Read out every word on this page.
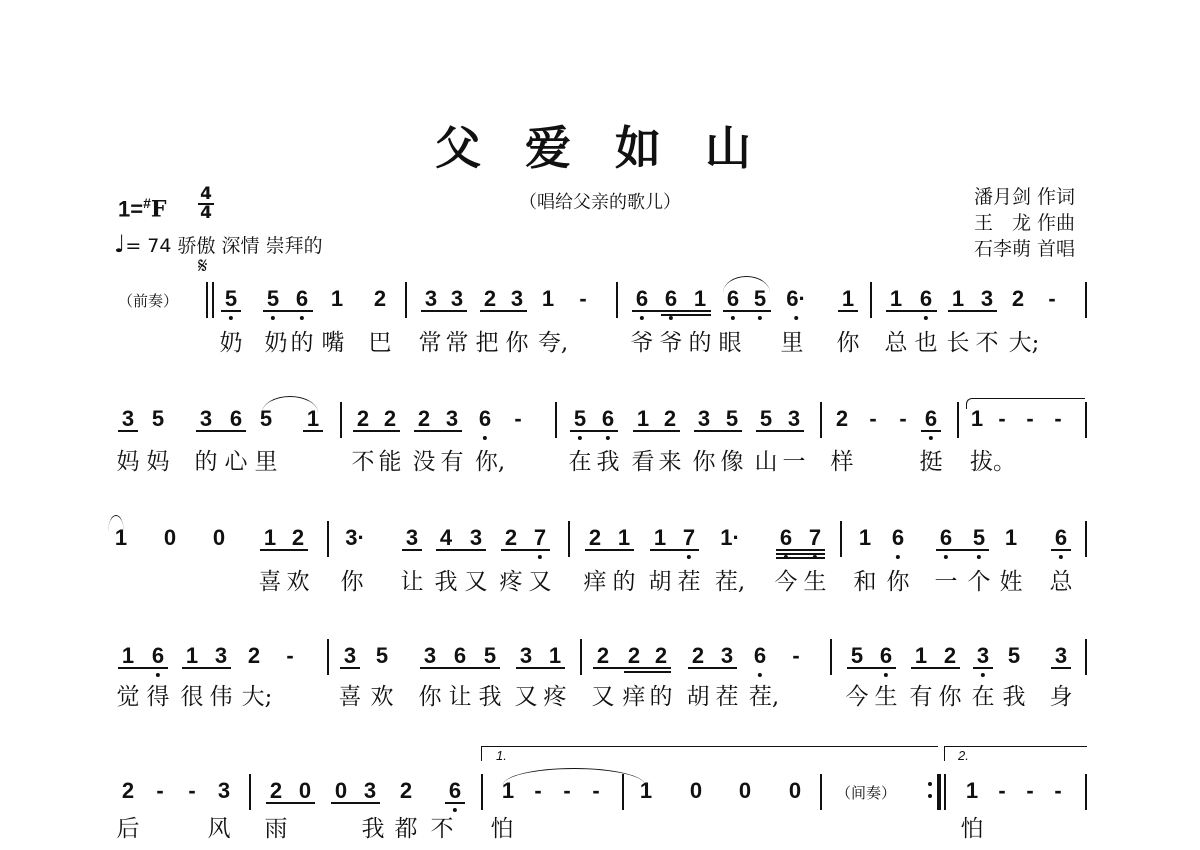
父 爱 如 山
（唱给父亲的歌儿）	潘月剑 作词
王　龙 作曲
石李萌 首唱
1=#F
4
4
♩= 74 骄傲 深情 崇拜的
𝄋
（前奏） 5 5 6 1 2 3 3 2 3 1 - 6 6 1 6 5 6· 1 1 6 1 3 2 -
奶 奶 的 嘴 巴 常 常 把 你 夸,	爷 爷 的 眼 里 你 总 也 长 不 大;
3 5 3 6 5 1 2 2 2 3 6 - 5 6 1 2 3 5 5 3 2 - - 6 1 - - -
妈 妈 的 心 里	不 能 没 有 你,	在 我 看 来 你 像 山 一 样	挺 拔。
1 0 0 1 2 3· 3 4 3 2 7 2 1 1 7 1· 6 7 1 6 6 5 1 6
喜 欢 你 让 我 又 疼 又 痒 的 胡 茬 茬, 今 生 和 你 一 个 姓 总
1 6 1 3 2 - 3 5 3 6 5 3 1 2 2 2 2 3 6 - 5 6 1 2 3 5 3
觉 得 很 伟 大;	喜 欢 你 让 我 又 疼 又 痒 的 胡 茬 茬,	今 生 有 你 在 我 身
（间奏）
2 - - 3 2 0 0 3 2 6 1 - - - 1 0 0 0	1 - - -
1.	2.
后	风 雨	我 都 不 怕	怕
